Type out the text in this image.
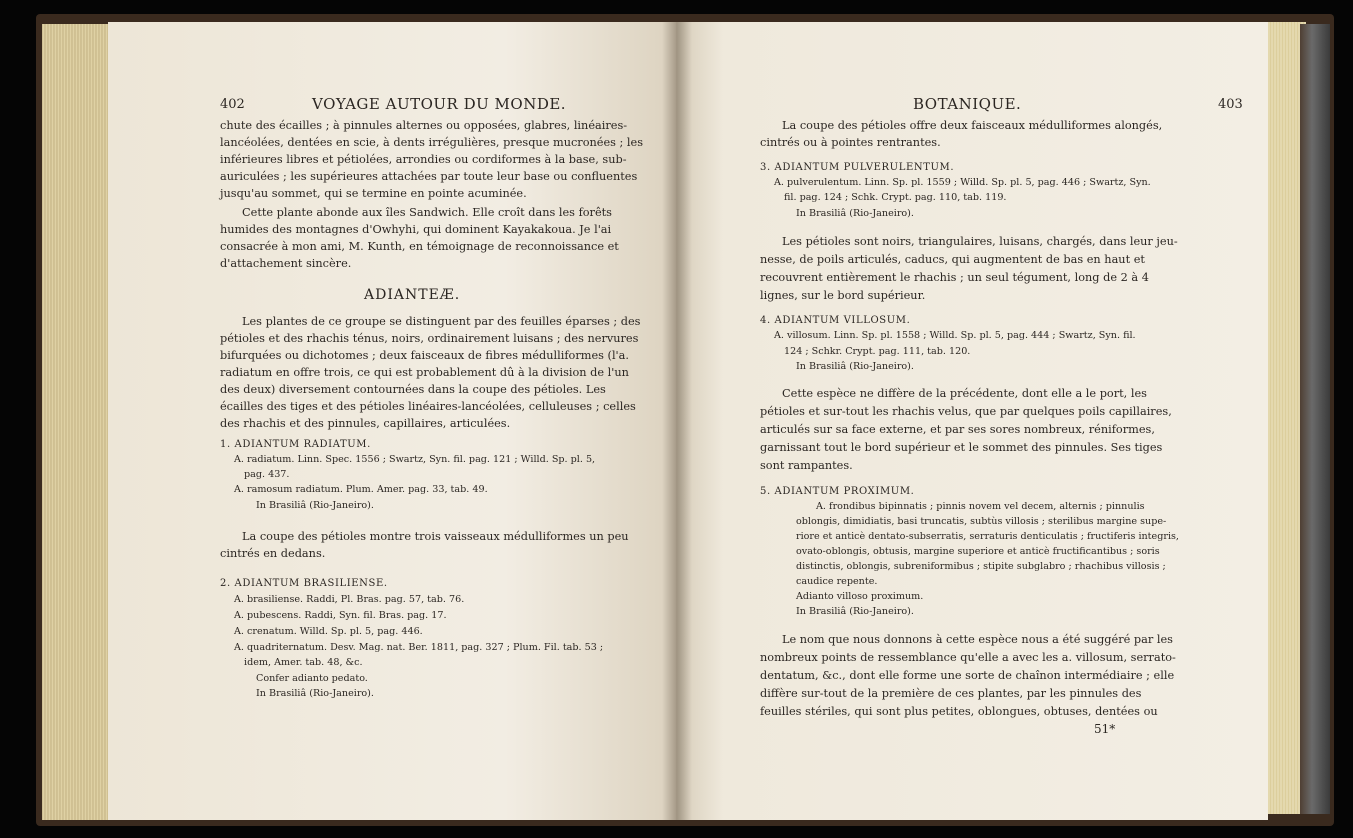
402	VOYAGE AUTOUR DU MONDE.
chute des écailles ; à pinnules alternes ou opposées, glabres, linéaires-
lancéolées, dentées en scie, à dents irrégulières, presque mucronées ; les
inférieures libres et pétiolées, arrondies ou cordiformes à la base, sub-
auriculées ; les supérieures attachées par toute leur base ou confluentes
jusqu'au sommet, qui se termine en pointe acuminée.
Cette plante abonde aux îles Sandwich. Elle croît dans les forêts
humides des montagnes d'Owhyhi, qui dominent Kayakakoua. Je l'ai
consacrée à mon ami, M. Kunth, en témoignage de reconnoissance et
d'attachement sincère.
ADIANTEÆ.
Les plantes de ce groupe se distinguent par des feuilles éparses ; des
pétioles et des rhachis ténus, noirs, ordinairement luisans ; des nervures
bifurquées ou dichotomes ; deux faisceaux de fibres médulliformes (l'a.
radiatum en offre trois, ce qui est probablement dû à la division de l'un
des deux) diversement contournées dans la coupe des pétioles. Les
écailles des tiges et des pétioles linéaires-lancéolées, celluleuses ; celles
des rhachis et des pinnules, capillaires, articulées.
1. ADIANTUM RADIATUM.
A. radiatum. Linn. Spec. 1556 ; Swartz, Syn. fil. pag. 121 ; Willd. Sp. pl. 5,
pag. 437.
A. ramosum radiatum. Plum. Amer. pag. 33, tab. 49.
In Brasiliâ (Rio-Janeiro).
La coupe des pétioles montre trois vaisseaux médulliformes un peu
cintrés en dedans.
2. ADIANTUM BRASILIENSE.
A. brasiliense. Raddi, Pl. Bras. pag. 57, tab. 76.
A. pubescens. Raddi, Syn. fil. Bras. pag. 17.
A. crenatum. Willd. Sp. pl. 5, pag. 446.
A. quadriternatum. Desv. Mag. nat. Ber. 1811, pag. 327 ; Plum. Fil. tab. 53 ;
idem, Amer. tab. 48, &c.
Confer adianto pedato.
In Brasiliâ (Rio-Janeiro).
BOTANIQUE.	403
La coupe des pétioles offre deux faisceaux médulliformes alongés,
cintrés ou à pointes rentrantes.
3. ADIANTUM PULVERULENTUM.
A. pulverulentum. Linn. Sp. pl. 1559 ; Willd. Sp. pl. 5, pag. 446 ; Swartz, Syn.
fil. pag. 124 ; Schk. Crypt. pag. 110, tab. 119.
In Brasiliâ (Rio-Janeiro).
Les pétioles sont noirs, triangulaires, luisans, chargés, dans leur jeu-
nesse, de poils articulés, caducs, qui augmentent de bas en haut et
recouvrent entièrement le rhachis ; un seul tégument, long de 2 à 4
lignes, sur le bord supérieur.
4. ADIANTUM VILLOSUM.
A. villosum. Linn. Sp. pl. 1558 ; Willd. Sp. pl. 5, pag. 444 ; Swartz, Syn. fil.
124 ; Schkr. Crypt. pag. 111, tab. 120.
In Brasiliâ (Rio-Janeiro).
Cette espèce ne diffère de la précédente, dont elle a le port, les
pétioles et sur-tout les rhachis velus, que par quelques poils capillaires,
articulés sur sa face externe, et par ses sores nombreux, réniformes,
garnissant tout le bord supérieur et le sommet des pinnules. Ses tiges
sont rampantes.
5. ADIANTUM PROXIMUM.
A. frondibus bipinnatis ; pinnis novem vel decem, alternis ; pinnulis
oblongis, dimidiatis, basi truncatis, subtùs villosis ; sterilibus margine supe-
riore et anticè dentato-subserratis, serraturis denticulatis ; fructiferis integris,
ovato-oblongis, obtusis, margine superiore et anticè fructificantibus ; soris
distinctis, oblongis, subreniformibus ; stipite subglabro ; rhachibus villosis ;
caudice repente.
Adianto villoso proximum.
In Brasiliâ (Rio-Janeiro).
Le nom que nous donnons à cette espèce nous a été suggéré par les
nombreux points de ressemblance qu'elle a avec les a. villosum, serrato-
dentatum, &c., dont elle forme une sorte de chaînon intermédiaire ; elle
diffère sur-tout de la première de ces plantes, par les pinnules des
feuilles stériles, qui sont plus petites, oblongues, obtuses, dentées ou
51*
